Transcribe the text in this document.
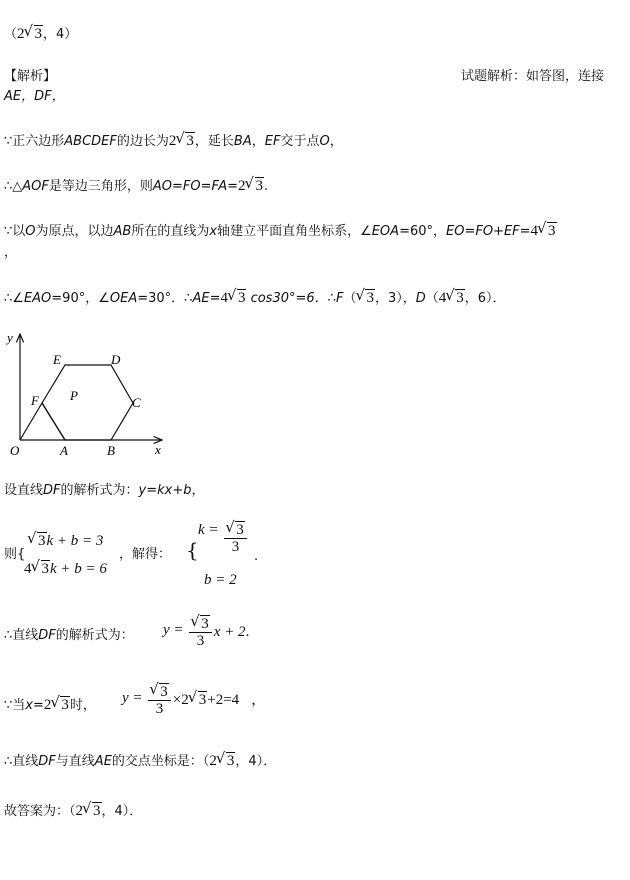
（2√ 3，4）
【解析】	试题解析：如答图，连接
AE，DF，
∵正六边形ABCDEF的边长为2√ 3，延长BA，EF交于点O，
∴△AOF是等边三角形，则AO=FO=FA=2√ 3.
∵以O为原点，以边AB所在的直线为x轴建立平面直角坐标系，∠EOA=60°，EO=FO+EF=4√ 3
，
∴∠EAO=90°，∠OEA=30°．∴AE=4√ 3 cos30°=6．∴F（√ 3，3），D（4√ 3，6）．
y
x
O	A	B
C
D
E
F P
设直线DF的解析式为：y=kx+b，
则{
√ 3k + b = 3
4√ 3k + b = 6
，解得： {
k =
√ $\frac{3}{3}$
b = 2
.
∴直线DF的解析式为： y =
√ $\frac{3}{3}$ x + 2.
∵当x=2√ 3时， y =
√ $\frac{3}{3} \times 2√$ 3+2=4 ，
∴直线DF与直线AE的交点坐标是：（2√ 3，4）．
故答案为：（2√ 3，4）．
